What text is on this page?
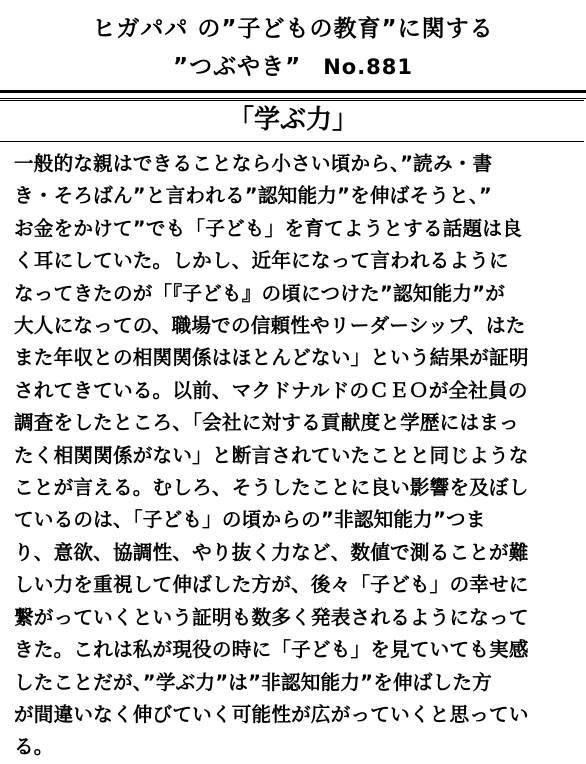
ヒガパパ の”子どもの教育”に関する
”つぶやき” No.881
「学ぶ力」
一般的な親はできることなら小さい頃から、”読み・書
き・そろばん”と言われる”認知能力”を伸ばそうと、”
お金をかけて”でも「子ども」を育てようとする話題は良
く耳にしていた。しかし、近年になって言われるように
なってきたのが「『子ども』の頃につけた”認知能力”が
大人になっての、職場での信頼性やリーダーシップ、はた
また年収との相関関係はほとんどない」という結果が証明
されてきている。以前、マクドナルドのＣＥＯが全社員の
調査をしたところ、「会社に対する貢献度と学歴にはまっ
たく相関関係がない」と断言されていたことと同じような
ことが言える。むしろ、そうしたことに良い影響を及ぼし
ているのは、「子ども」の頃からの”非認知能力”つま
り、意欲、協調性、やり抜く力など、数値で測ることが難
しい力を重視して伸ばした方が、後々「子ども」の幸せに
繋がっていくという証明も数多く発表されるようになって
きた。これは私が現役の時に「子ども」を見ていても実感
したことだが、”学ぶ力”は”非認知能力”を伸ばした方
が間違いなく伸びていく可能性が広がっていくと思ってい
る。
